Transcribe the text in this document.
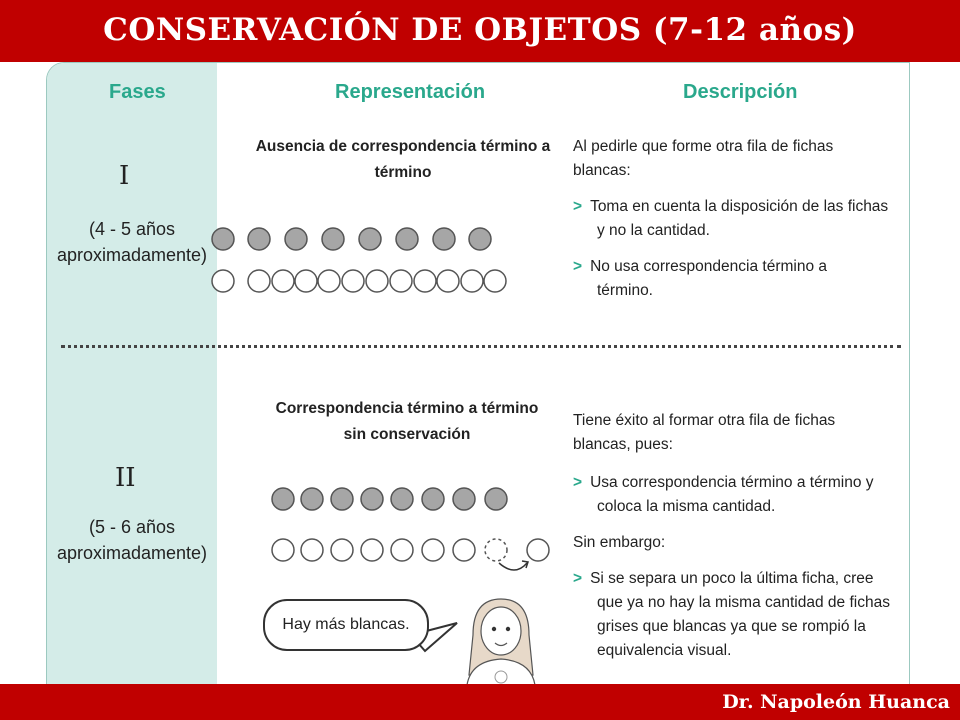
CONSERVACIÓN DE OBJETOS (7-12 años)
Fases	Representación	Descripción
I
(4 - 5 años
aproximadamente)
Ausencia de correspondencia término a
término
Al pedirle que forme otra fila de fichas
blancas:
> Toma en cuenta la disposición de las fichas
y no la cantidad.
> No usa correspondencia término a
término.
II
(5 - 6 años
aproximadamente)
Correspondencia término a término
sin conservación
Hay más blancas.
Tiene éxito al formar otra fila de fichas
blancas, pues:
> Usa correspondencia término a término y
coloca la misma cantidad.
Sin embargo:
> Si se separa un poco la última ficha, cree
que ya no hay la misma cantidad de fichas
grises que blancas ya que se rompió la
equivalencia visual.
Dr. Napoleón Huanca
